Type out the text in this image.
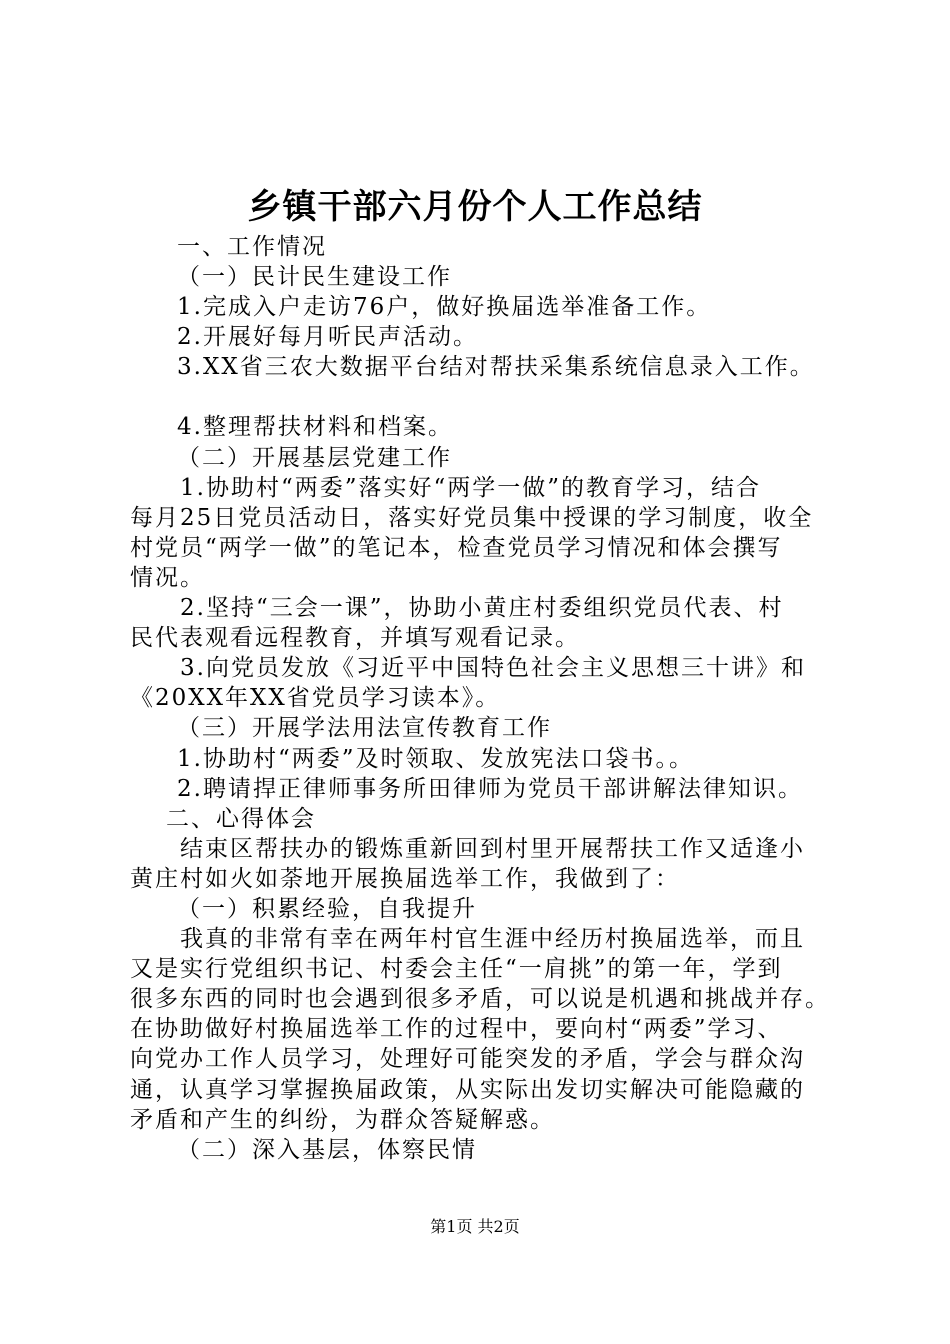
乡镇干部六月份个人工作总结

一、工作情况

（一）民计民生建设工作

1.完成入户走访76户，做好换届选举准备工作。

2.开展好每月听民声活动。

3.XX省三农大数据平台结对帮扶采集系统信息录入工作。

4.整理帮扶材料和档案。

（二）开展基层党建工作

1.协助村“两委”落实好“两学一做”的教育学习，结合

每月25日党员活动日，落实好党员集中授课的学习制度，收全

村党员“两学一做”的笔记本，检查党员学习情况和体会撰写

情况。

2.坚持“三会一课”，协助小黄庄村委组织党员代表、村

民代表观看远程教育，并填写观看记录。

3.向党员发放《习近平中国特色社会主义思想三十讲》和

《20XX年XX省党员学习读本》。

（三）开展学法用法宣传教育工作

1.协助村“两委”及时领取、发放宪法口袋书。。

2.聘请捍正律师事务所田律师为党员干部讲解法律知识。

二、心得体会

结束区帮扶办的锻炼重新回到村里开展帮扶工作又适逢小

黄庄村如火如荼地开展换届选举工作，我做到了：

（一）积累经验，自我提升

我真的非常有幸在两年村官生涯中经历村换届选举，而且

又是实行党组织书记、村委会主任“一肩挑”的第一年，学到

很多东西的同时也会遇到很多矛盾，可以说是机遇和挑战并存。

在协助做好村换届选举工作的过程中，要向村“两委”学习、

向党办工作人员学习，处理好可能突发的矛盾，学会与群众沟

通，认真学习掌握换届政策，从实际出发切实解决可能隐藏的

矛盾和产生的纠纷，为群众答疑解惑。

（二）深入基层，体察民情

第1页 共2页
